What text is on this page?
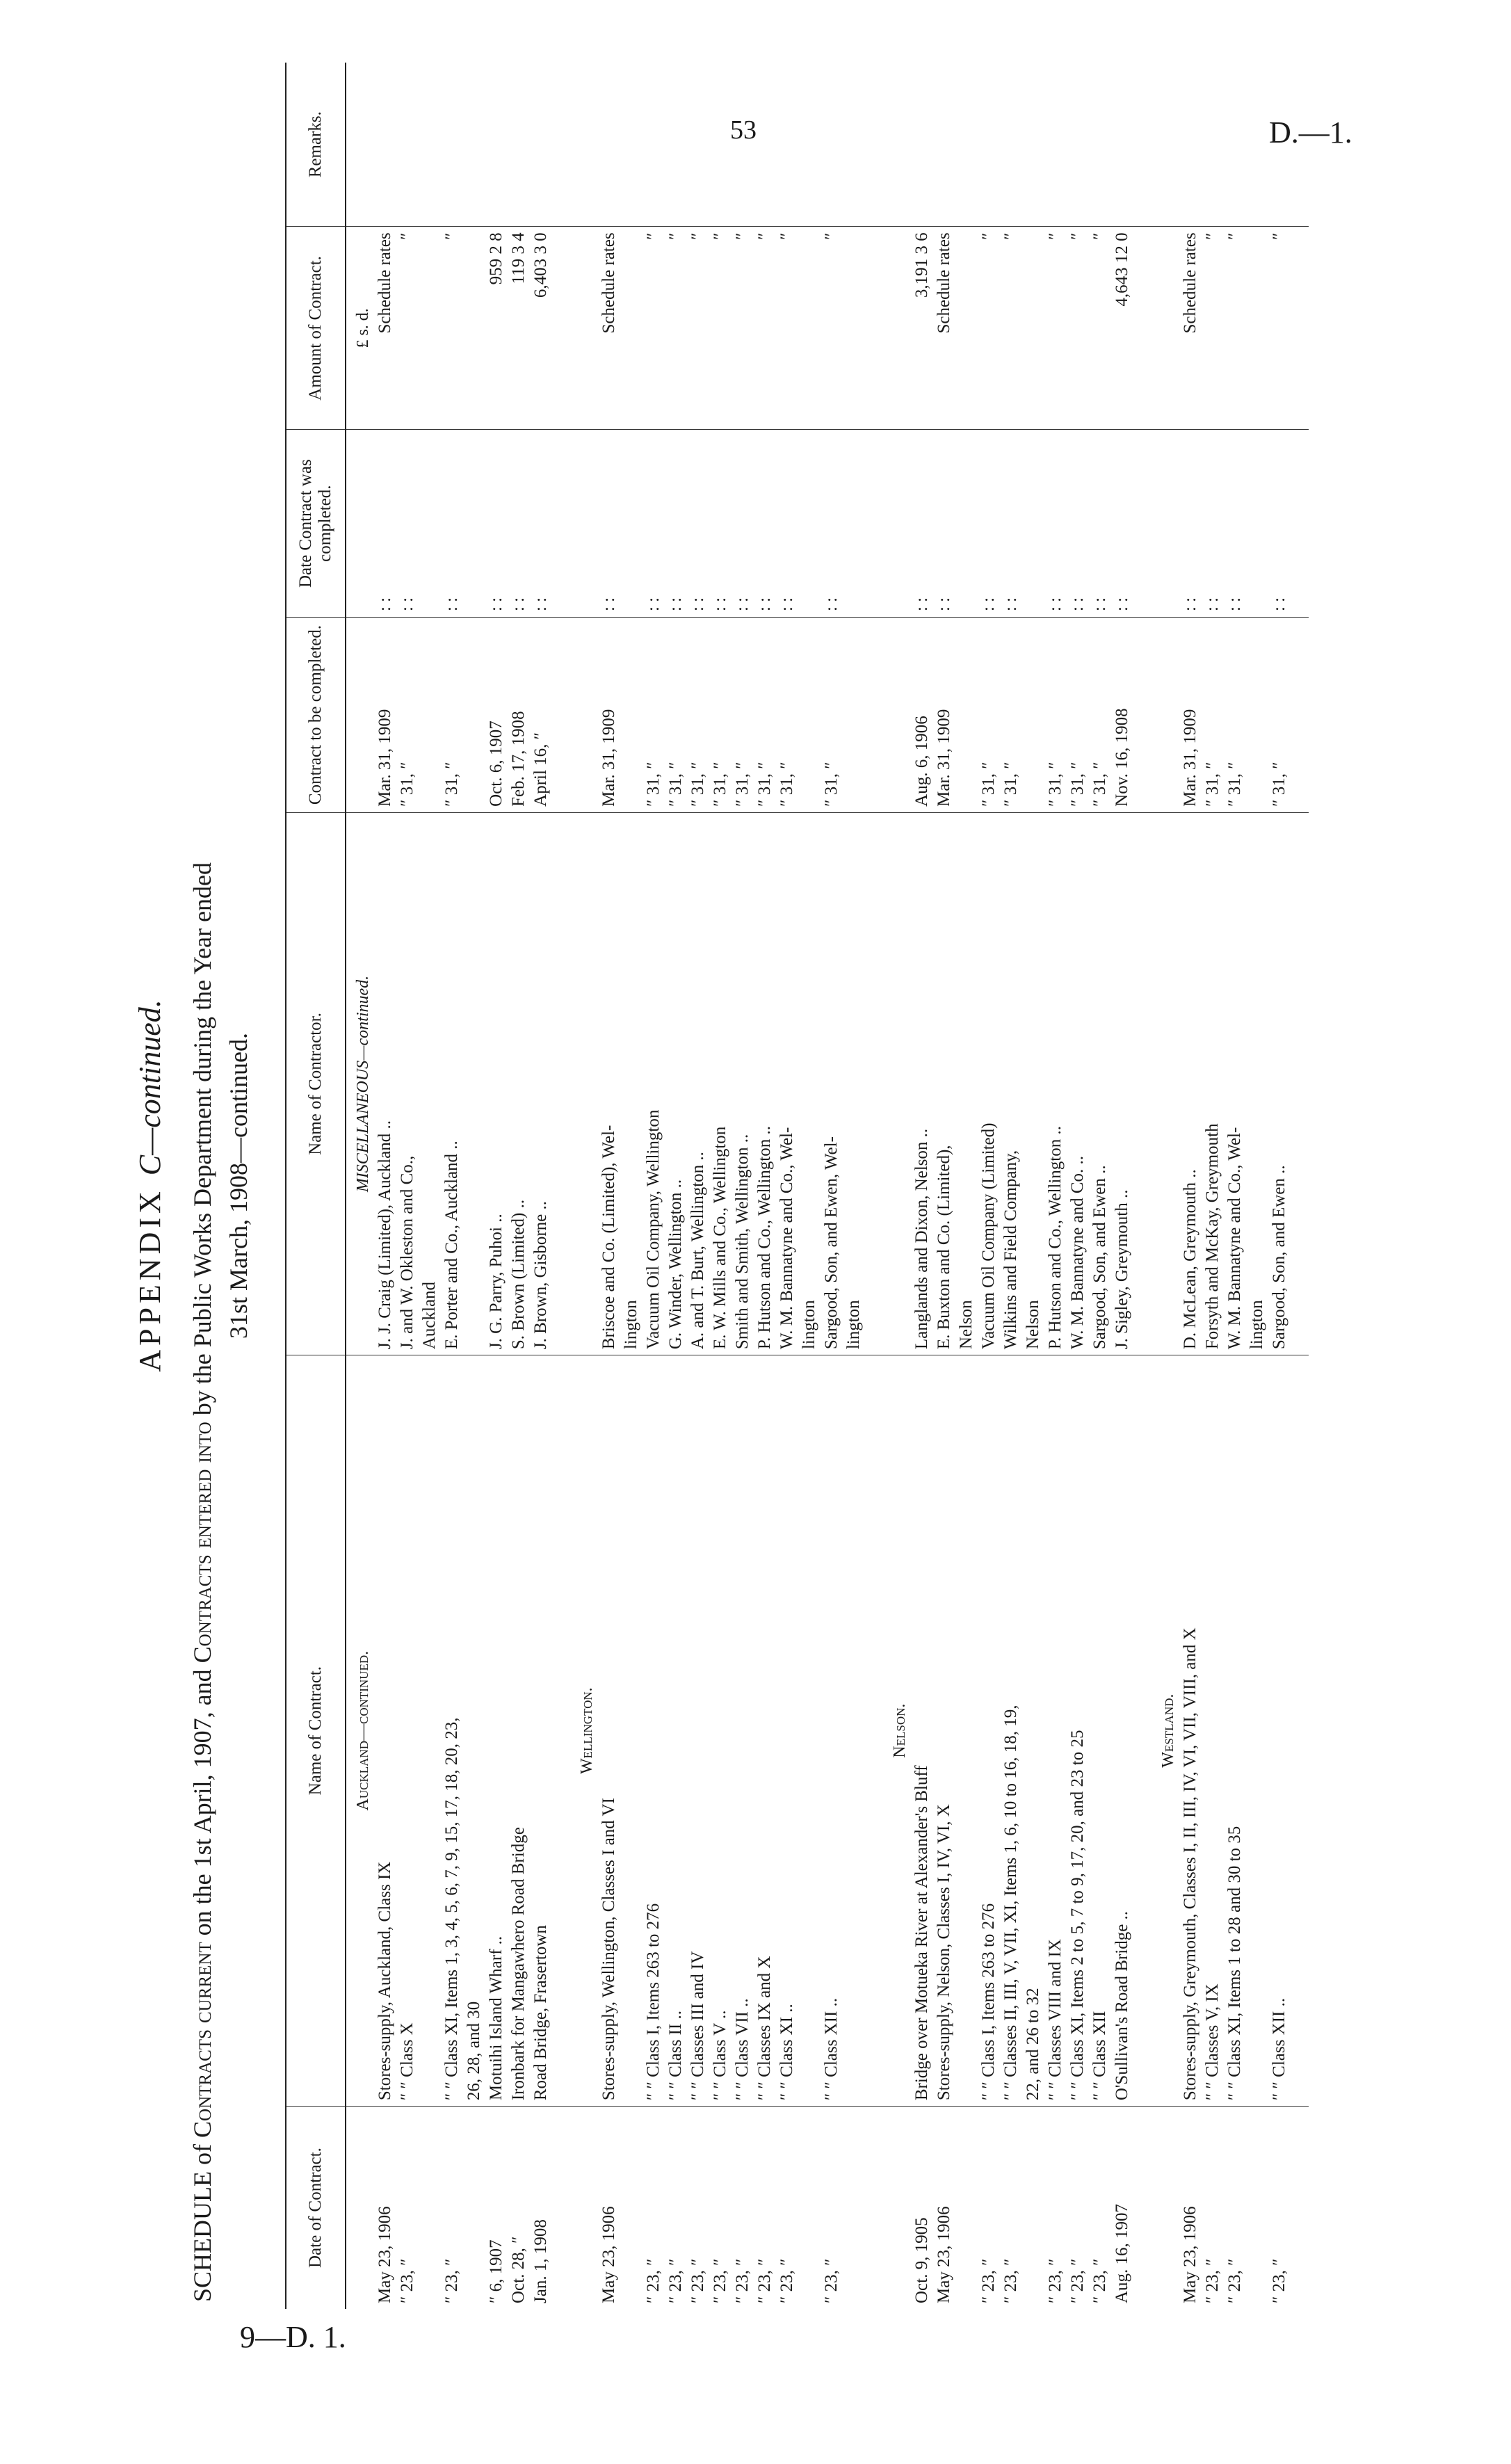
53	D.—1.
9—D. 1.
APPENDIX C—continued.
SCHEDULE of Contracts current on the 1st April, 1907, and Contracts entered into by the Public Works Department during the Year ended 31st March, 1908—continued.
Date of Contract.	Name of Contract.	Name of Contractor.	Contract to be completed.	Date Contract was completed.	Amount of Contract.	Remarks.
	Auckland—continued.	MISCELLANEOUS—continued.			£ s. d.	
May 23, 1906	Stores-supply, Auckland, Class IX	J. J. Craig (Limited), Auckland ..	Mar. 31, 1909	: :	Schedule rates	
″ 23, ″	″ ″ Class X	J. and W. Okleston and Co.,	″ 31, ″	: :	″	
		Auckland				
″ 23, ″	″ ″ Class XI, Items 1, 3, 4, 5, 6, 7, 9, 15, 17, 18, 20, 23,	E. Porter and Co., Auckland ..	″ 31, ″	: :	″	
	26, 28, and 30					
″ 6, 1907	Motuihi Island Wharf ..	J. G. Parry, Puhoi ..	Oct. 6, 1907	: :	959 2 8	
Oct. 28, ″	Ironbark for Mangawhero Road Bridge	S. Brown (Limited) ..	Feb. 17, 1908	: :	119 3 4	
Jan. 1, 1908	Road Bridge, Frasertown	J. Brown, Gisborne ..	April 16, ″	: :	6,403 3 0	

	Wellington.					
May 23, 1906	Stores-supply, Wellington, Classes I and VI	Briscoe and Co. (Limited), Wel-	Mar. 31, 1909	: :	Schedule rates	
		lington				
″ 23, ″	″ ″ Class I, Items 263 to 276	Vacuum Oil Company, Wellington	″ 31, ″	: :	″	
″ 23, ″	″ ″ Class II ..	G. Winder, Wellington ..	″ 31, ″	: :	″	
″ 23, ″	″ ″ Classes III and IV	A. and T. Burt, Wellington ..	″ 31, ″	: :	″	
″ 23, ″	″ ″ Class V ..	E. W. Mills and Co., Wellington	″ 31, ″	: :	″	
″ 23, ″	″ ″ Class VII ..	Smith and Smith, Wellington ..	″ 31, ″	: :	″	
″ 23, ″	″ ″ Classes IX and X	P. Hutson and Co., Wellington ..	″ 31, ″	: :	″	
″ 23, ″	″ ″ Class XI ..	W. M. Bannatyne and Co., Wel-	″ 31, ″	: :	″	
		lington				
″ 23, ″	″ ″ Class XII ..	Sargood, Son, and Ewen, Wel-	″ 31, ″	: :	″	
		lington				

	Nelson.					
Oct. 9, 1905	Bridge over Motueka River at Alexander's Bluff	Langlands and Dixon, Nelson ..	Aug. 6, 1906	: :	3,191 3 6	
May 23, 1906	Stores-supply, Nelson, Classes I, IV, VI, X	E. Buxton and Co. (Limited),	Mar. 31, 1909	: :	Schedule rates	
		Nelson				
″ 23, ″	″ ″ Class I, Items 263 to 276	Vacuum Oil Company (Limited)	″ 31, ″	: :	″	
″ 23, ″	″ ″ Classes II, III, V, VII, XI, Items 1, 6, 10 to 16, 18, 19,	Wilkins and Field Company,	″ 31, ″	: :	″	
	22, and 26 to 32	Nelson				
″ 23, ″	″ ″ Classes VIII and IX	P. Hutson and Co., Wellington ..	″ 31, ″	: :	″	
″ 23, ″	″ ″ Class XI, Items 2 to 5, 7 to 9, 17, 20, and 23 to 25	W. M. Bannatyne and Co. ..	″ 31, ″	: :	″	
″ 23, ″	″ ″ Class XII	Sargood, Son, and Ewen ..	″ 31, ″	: :	″	
Aug. 16, 1907	O'Sullivan's Road Bridge ..	J. Sigley, Greymouth ..	Nov. 16, 1908	: :	4,643 12 0	

	Westland.					
May 23, 1906	Stores-supply, Greymouth, Classes I, II, III, IV, VI, VII, VIII, and X	D. McLean, Greymouth ..	Mar. 31, 1909	: :	Schedule rates	
″ 23, ″	″ ″ Classes V, IX	Forsyth and McKay, Greymouth	″ 31, ″	: :	″	
″ 23, ″	″ ″ Class XI, Items 1 to 28 and 30 to 35	W. M. Bannatyne and Co., Wel-	″ 31, ″	: :	″	
		lington				
″ 23, ″	″ ″ Class XII ..	Sargood, Son, and Ewen ..	″ 31, ″	: :	″	
